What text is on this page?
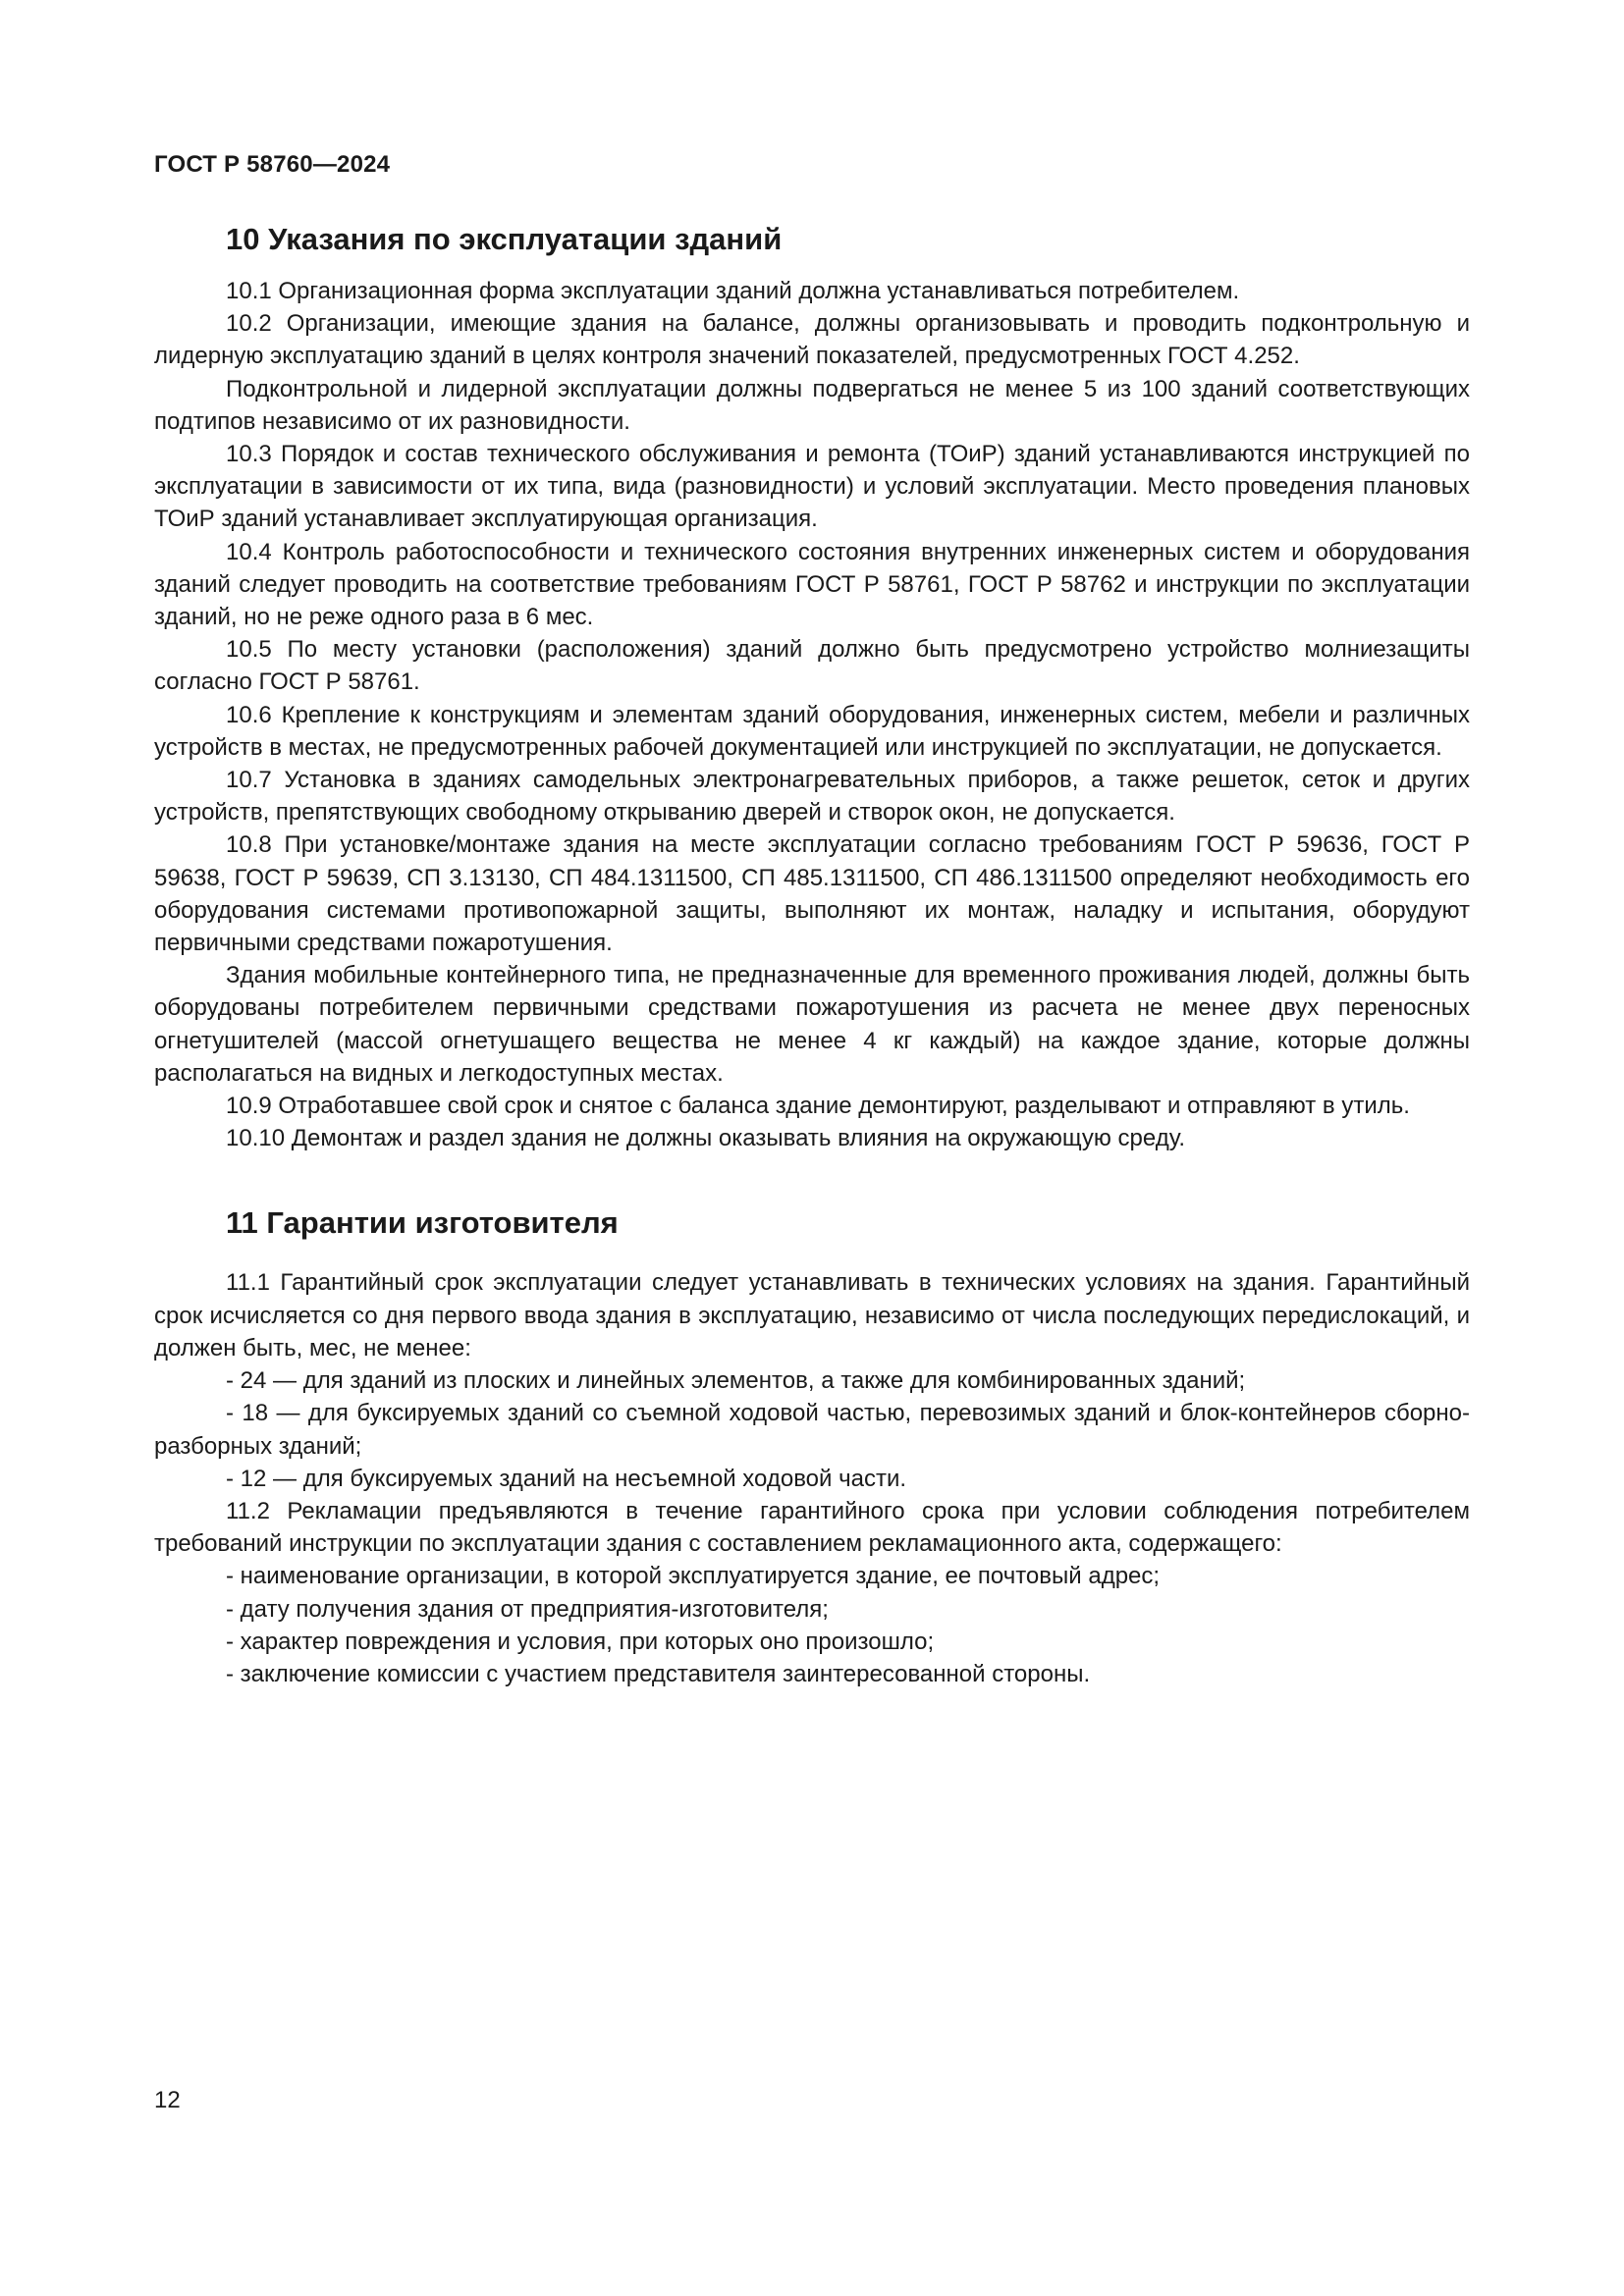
ГОСТ Р 58760—2024
10 Указания по эксплуатации зданий

10.1 Организационная форма эксплуатации зданий должна устанавливаться потребителем.

10.2 Организации, имеющие здания на балансе, должны организовывать и проводить подконтрольную и лидерную эксплуатацию зданий в целях контроля значений показателей, предусмотренных ГОСТ 4.252.

Подконтрольной и лидерной эксплуатации должны подвергаться не менее 5 из 100 зданий соответствующих подтипов независимо от их разновидности.

10.3 Порядок и состав технического обслуживания и ремонта (ТОиР) зданий устанавливаются инструкцией по эксплуатации в зависимости от их типа, вида (разновидности) и условий эксплуатации. Место проведения плановых ТОиР зданий устанавливает эксплуатирующая организация.

10.4 Контроль работоспособности и технического состояния внутренних инженерных систем и оборудования зданий следует проводить на соответствие требованиям ГОСТ Р 58761, ГОСТ Р 58762 и инструкции по эксплуатации зданий, но не реже одного раза в 6 мес.

10.5 По месту установки (расположения) зданий должно быть предусмотрено устройство молниезащиты согласно ГОСТ Р 58761.

10.6 Крепление к конструкциям и элементам зданий оборудования, инженерных систем, мебели и различных устройств в местах, не предусмотренных рабочей документацией или инструкцией по эксплуатации, не допускается.

10.7 Установка в зданиях самодельных электронагревательных приборов, а также решеток, сеток и других устройств, препятствующих свободному открыванию дверей и створок окон, не допускается.

10.8 При установке/монтаже здания на месте эксплуатации согласно требованиям ГОСТ Р 59636, ГОСТ Р 59638, ГОСТ Р 59639, СП 3.13130, СП 484.1311500, СП 485.1311500, СП 486.1311500 определяют необходимость его оборудования системами противопожарной защиты, выполняют их монтаж, наладку и испытания, оборудуют первичными средствами пожаротушения.

Здания мобильные контейнерного типа, не предназначенные для временного проживания людей, должны быть оборудованы потребителем первичными средствами пожаротушения из расчета не менее двух переносных огнетушителей (массой огнетушащего вещества не менее 4 кг каждый) на каждое здание, которые должны располагаться на видных и легкодоступных местах.

10.9 Отработавшее свой срок и снятое с баланса здание демонтируют, разделывают и отправляют в утиль.

10.10 Демонтаж и раздел здания не должны оказывать влияния на окружающую среду.

11 Гарантии изготовителя

11.1 Гарантийный срок эксплуатации следует устанавливать в технических условиях на здания. Гарантийный срок исчисляется со дня первого ввода здания в эксплуатацию, независимо от числа последующих передислокаций, и должен быть, мес, не менее:

- 24 — для зданий из плоских и линейных элементов, а также для комбинированных зданий;

- 18 — для буксируемых зданий со съемной ходовой частью, перевозимых зданий и блок-контейнеров сборно-разборных зданий;

- 12 — для буксируемых зданий на несъемной ходовой части.

11.2 Рекламации предъявляются в течение гарантийного срока при условии соблюдения потребителем требований инструкции по эксплуатации здания с составлением рекламационного акта, содержащего:

- наименование организации, в которой эксплуатируется здание, ее почтовый адрес;

- дату получения здания от предприятия-изготовителя;

- характер повреждения и условия, при которых оно произошло;

- заключение комиссии с участием представителя заинтересованной стороны.

12
